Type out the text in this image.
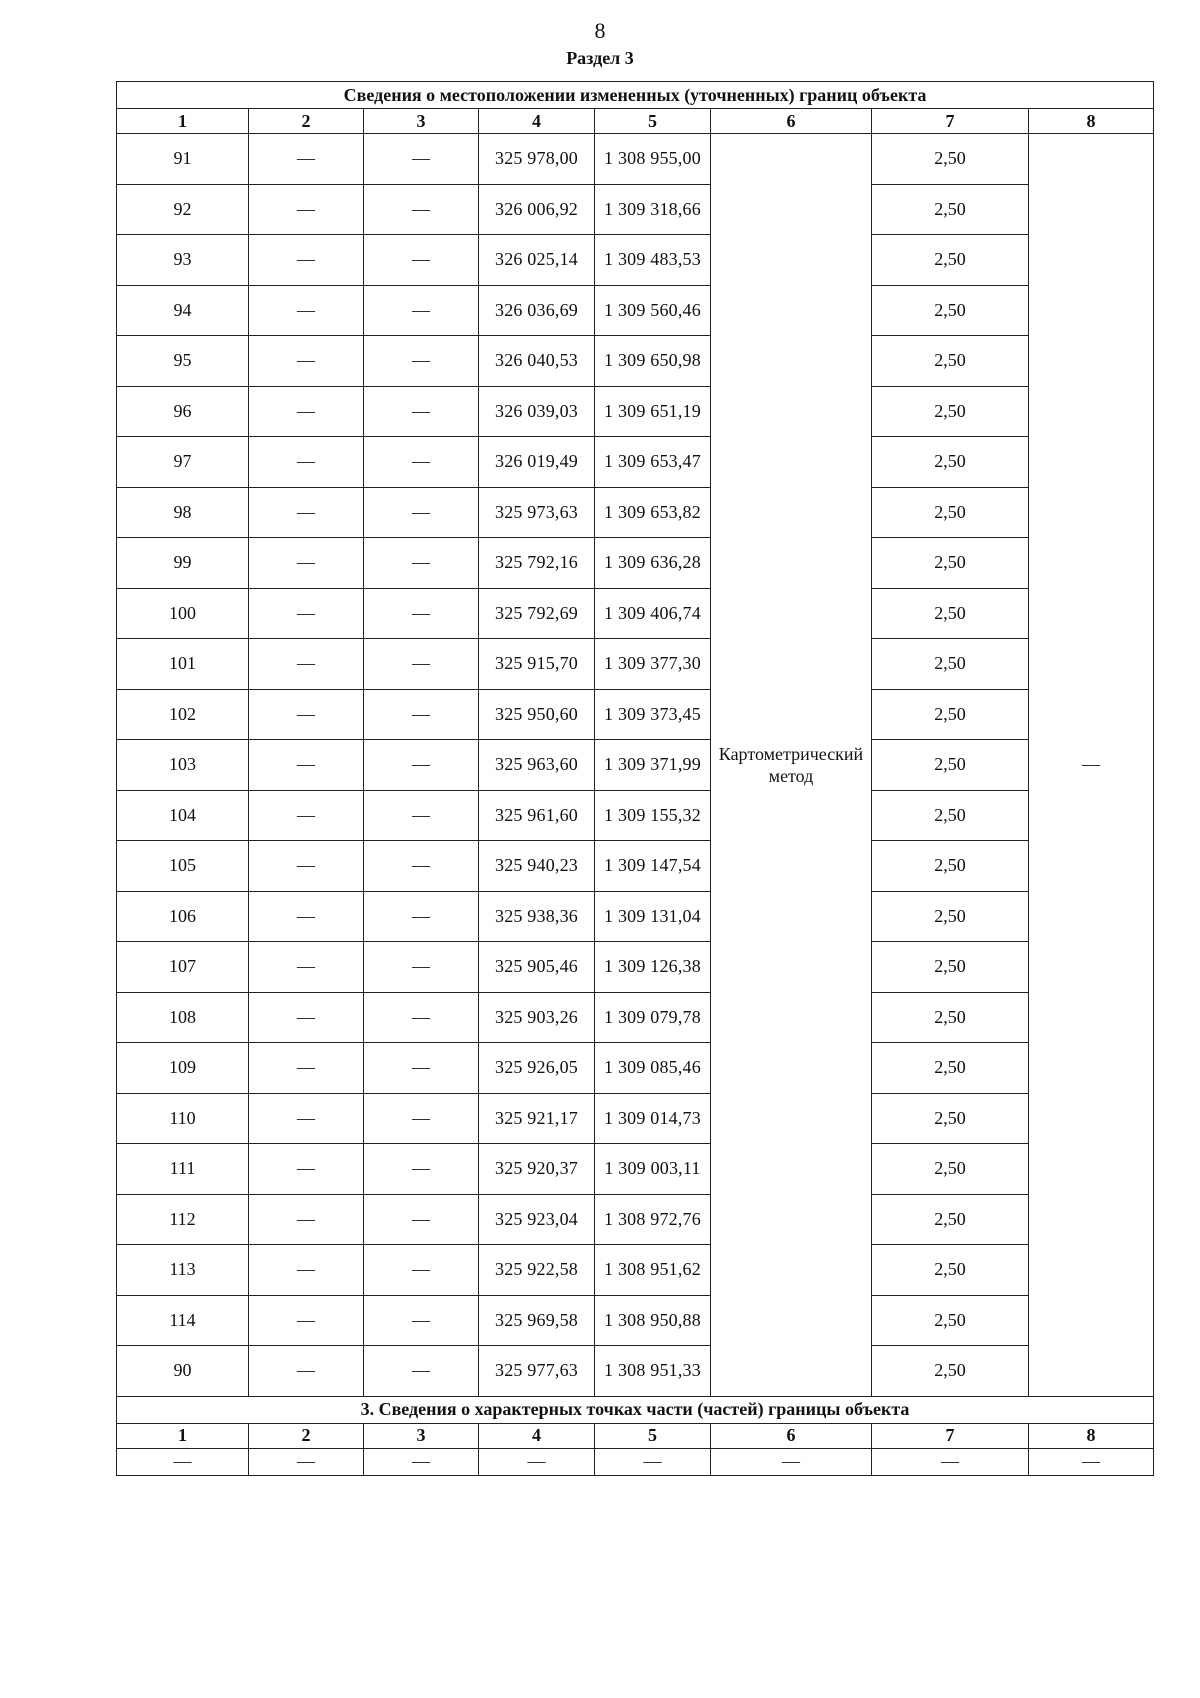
8
Раздел 3
Сведения о местоположении измененных (уточненных) границ объекта							
1	2	3	4	5	6	7	8
91	—	—	325 978,00	1 308 955,00	Картометрический метод	2,50	—
92	—	—	326 006,92	1 309 318,66		2,50	
93	—	—	326 025,14	1 309 483,53		2,50	
94	—	—	326 036,69	1 309 560,46		2,50	
95	—	—	326 040,53	1 309 650,98		2,50	
96	—	—	326 039,03	1 309 651,19		2,50	
97	—	—	326 019,49	1 309 653,47		2,50	
98	—	—	325 973,63	1 309 653,82		2,50	
99	—	—	325 792,16	1 309 636,28		2,50	
100	—	—	325 792,69	1 309 406,74		2,50	
101	—	—	325 915,70	1 309 377,30		2,50	
102	—	—	325 950,60	1 309 373,45		2,50	
103	—	—	325 963,60	1 309 371,99		2,50	
104	—	—	325 961,60	1 309 155,32		2,50	
105	—	—	325 940,23	1 309 147,54		2,50	
106	—	—	325 938,36	1 309 131,04		2,50	
107	—	—	325 905,46	1 309 126,38		2,50	
108	—	—	325 903,26	1 309 079,78		2,50	
109	—	—	325 926,05	1 309 085,46		2,50	
110	—	—	325 921,17	1 309 014,73		2,50	
111	—	—	325 920,37	1 309 003,11		2,50	
112	—	—	325 923,04	1 308 972,76		2,50	
113	—	—	325 922,58	1 308 951,62		2,50	
114	—	—	325 969,58	1 308 950,88		2,50	
90	—	—	325 977,63	1 308 951,33		2,50	
3. Сведения о характерных точках части (частей) границы объекта							
1	2	3	4	5	6	7	8
—	—	—	—	—	—	—	—
